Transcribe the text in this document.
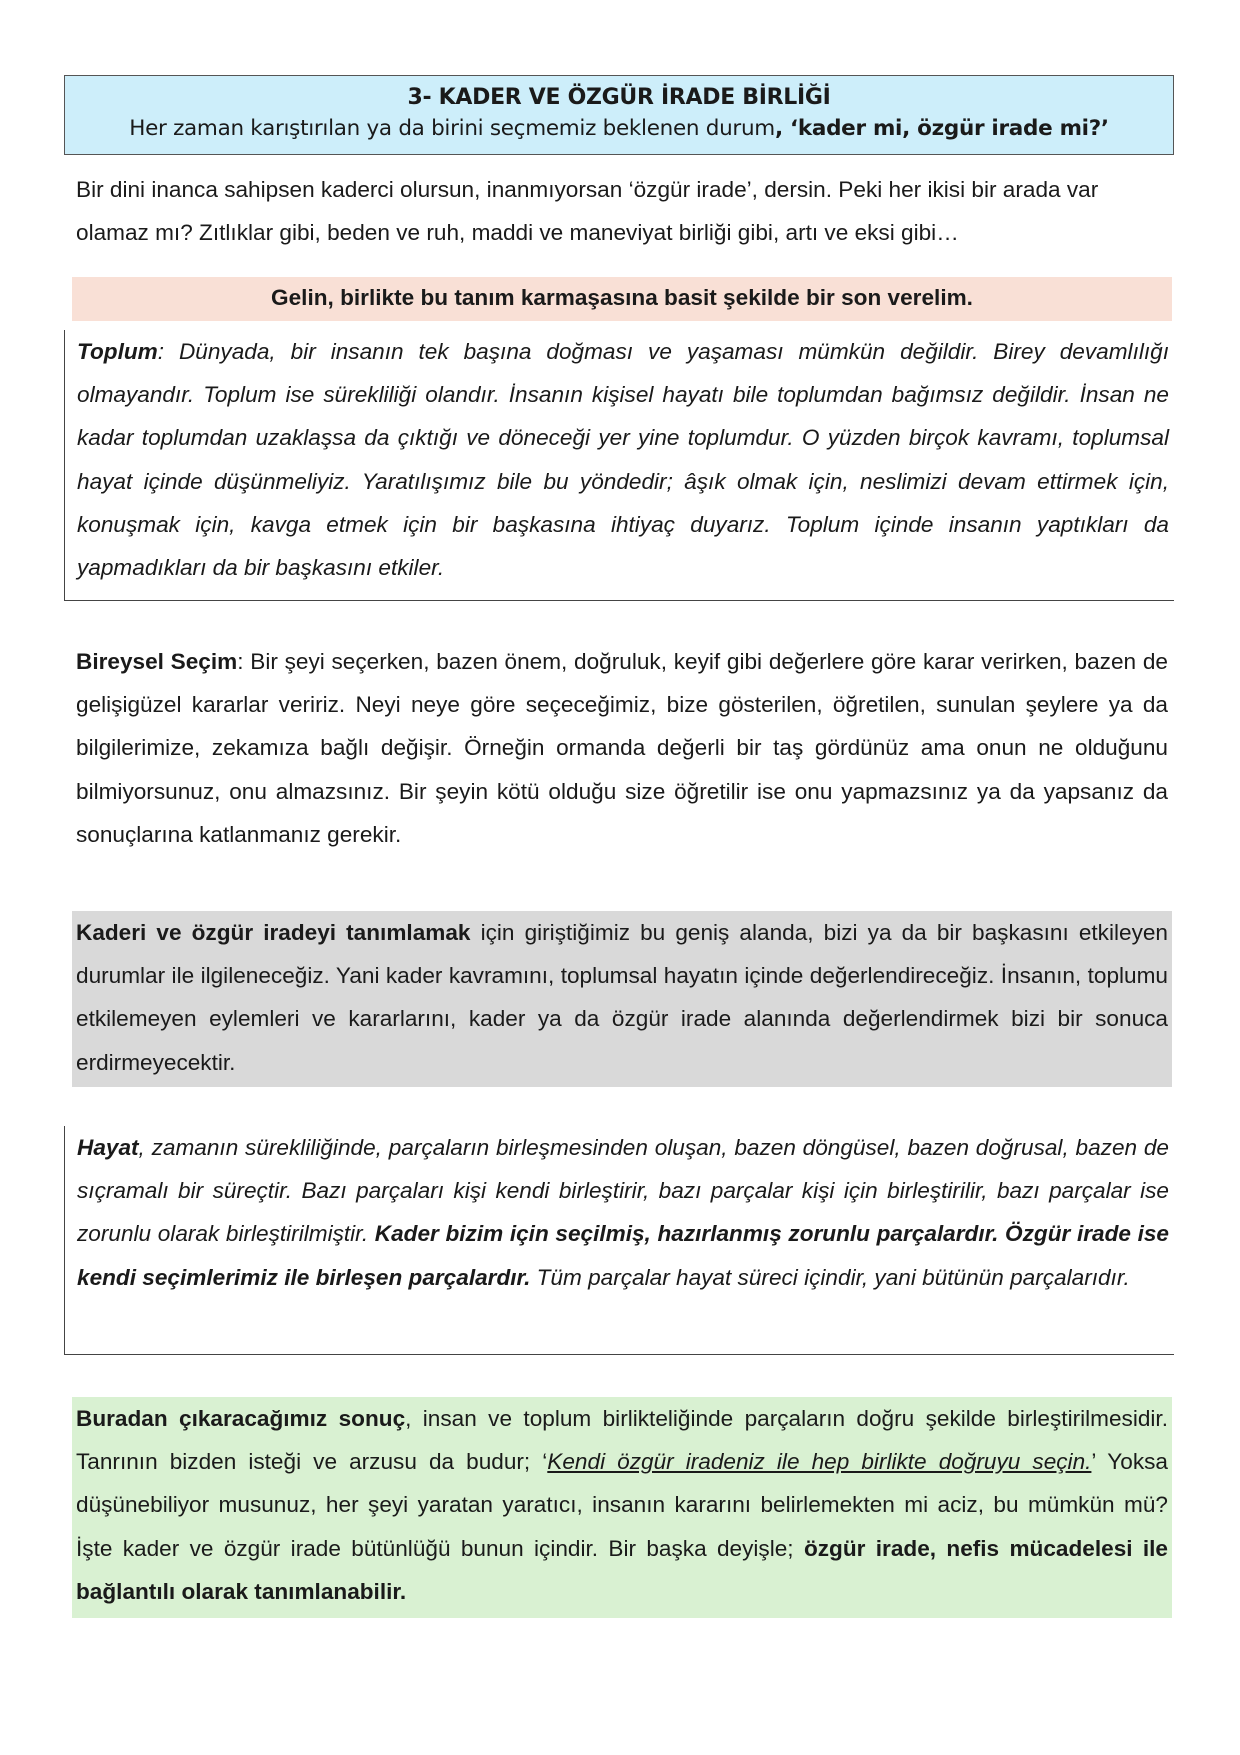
3- KADER VE ÖZGÜR İRADE BİRLİĞİ
Her zaman karıştırılan ya da birini seçmemiz beklenen durum, ‘kader mi, özgür irade mi?’

Bir dini inanca sahipsen kaderci olursun, inanmıyorsan ‘özgür irade’, dersin. Peki her ikisi bir arada var olamaz mı? Zıtlıklar gibi, beden ve ruh, maddi ve maneviyat birliği gibi, artı ve eksi gibi…

Gelin, birlikte bu tanım karmaşasına basit şekilde bir son verelim.

Toplum: Dünyada, bir insanın tek başına doğması ve yaşaması mümkün değildir. Birey devamlılığı olmayandır. Toplum ise sürekliliği olandır. İnsanın kişisel hayatı bile toplumdan bağımsız değildir. İnsan ne kadar toplumdan uzaklaşsa da çıktığı ve döneceği yer yine toplumdur. O yüzden birçok kavramı, toplumsal hayat içinde düşünmeliyiz. Yaratılışımız bile bu yöndedir; âşık olmak için, neslimizi devam ettirmek için, konuşmak için, kavga etmek için bir başkasına ihtiyaç duyarız. Toplum içinde insanın yaptıkları da yapmadıkları da bir başkasını etkiler.

Bireysel Seçim: Bir şeyi seçerken, bazen önem, doğruluk, keyif gibi değerlere göre karar verirken, bazen de gelişigüzel kararlar veririz. Neyi neye göre seçeceğimiz, bize gösterilen, öğretilen, sunulan şeylere ya da bilgilerimize, zekamıza bağlı değişir. Örneğin ormanda değerli bir taş gördünüz ama onun ne olduğunu bilmiyorsunuz, onu almazsınız. Bir şeyin kötü olduğu size öğretilir ise onu yapmazsınız ya da yapsanız da sonuçlarına katlanmanız gerekir.

Kaderi ve özgür iradeyi tanımlamak için giriştiğimiz bu geniş alanda, bizi ya da bir başkasını etkileyen durumlar ile ilgileneceğiz. Yani kader kavramını, toplumsal hayatın içinde değerlendireceğiz. İnsanın, toplumu etkilemeyen eylemleri ve kararlarını, kader ya da özgür irade alanında değerlendirmek bizi bir sonuca erdirmeyecektir.

Hayat, zamanın sürekliliğinde, parçaların birleşmesinden oluşan, bazen döngüsel, bazen doğrusal, bazen de sıçramalı bir süreçtir. Bazı parçaları kişi kendi birleştirir, bazı parçalar kişi için birleştirilir, bazı parçalar ise zorunlu olarak birleştirilmiştir. Kader bizim için seçilmiş, hazırlanmış zorunlu parçalardır. Özgür irade ise kendi seçimlerimiz ile birleşen parçalardır. Tüm parçalar hayat süreci içindir, yani bütünün parçalarıdır.

Buradan çıkaracağımız sonuç, insan ve toplum birlikteliğinde parçaların doğru şekilde birleştirilmesidir. Tanrının bizden isteği ve arzusu da budur; ‘Kendi özgür iradeniz ile hep birlikte doğruyu seçin.’ Yoksa düşünebiliyor musunuz, her şeyi yaratan yaratıcı, insanın kararını belirlemekten mi aciz, bu mümkün mü? İşte kader ve özgür irade bütünlüğü bunun içindir. Bir başka deyişle; özgür irade, nefis mücadelesi ile bağlantılı olarak tanımlanabilir.
